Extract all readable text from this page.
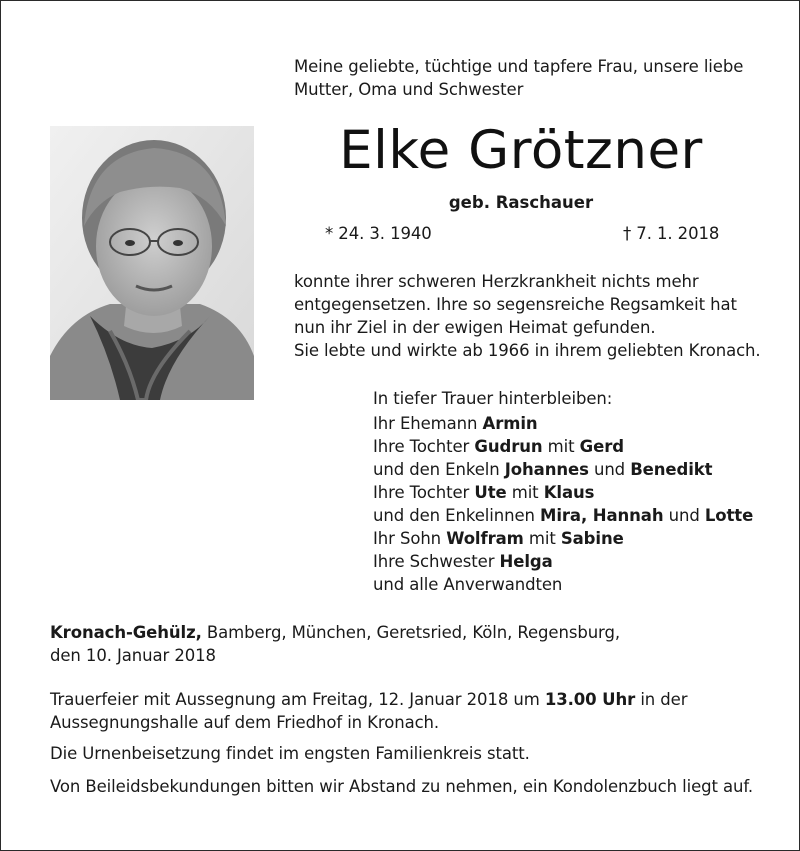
Meine geliebte, tüchtige und tapfere Frau, unsere liebe
Mutter, Oma und Schwester
Elke Grötzner
geb. Raschauer
* 24. 3. 1940	† 7. 1. 2018
konnte ihrer schweren Herzkrankheit nichts mehr
entgegensetzen. Ihre so segensreiche Regsamkeit hat
nun ihr Ziel in der ewigen Heimat gefunden.
Sie lebte und wirkte ab 1966 in ihrem geliebten Kronach.
In tiefer Trauer hinterbleiben:
Ihr Ehemann Armin
Ihre Tochter Gudrun mit Gerd
und den Enkeln Johannes und Benedikt
Ihre Tochter Ute mit Klaus
und den Enkelinnen Mira, Hannah und Lotte
Ihr Sohn Wolfram mit Sabine
Ihre Schwester Helga
und alle Anverwandten
Kronach-Gehülz, Bamberg, München, Geretsried, Köln, Regensburg,
den 10. Januar 2018
Trauerfeier mit Aussegnung am Freitag, 12. Januar 2018 um 13.00 Uhr in der
Aussegnungshalle auf dem Friedhof in Kronach.
Die Urnenbeisetzung findet im engsten Familienkreis statt.
Von Beileidsbekundungen bitten wir Abstand zu nehmen, ein Kondolenzbuch liegt auf.
